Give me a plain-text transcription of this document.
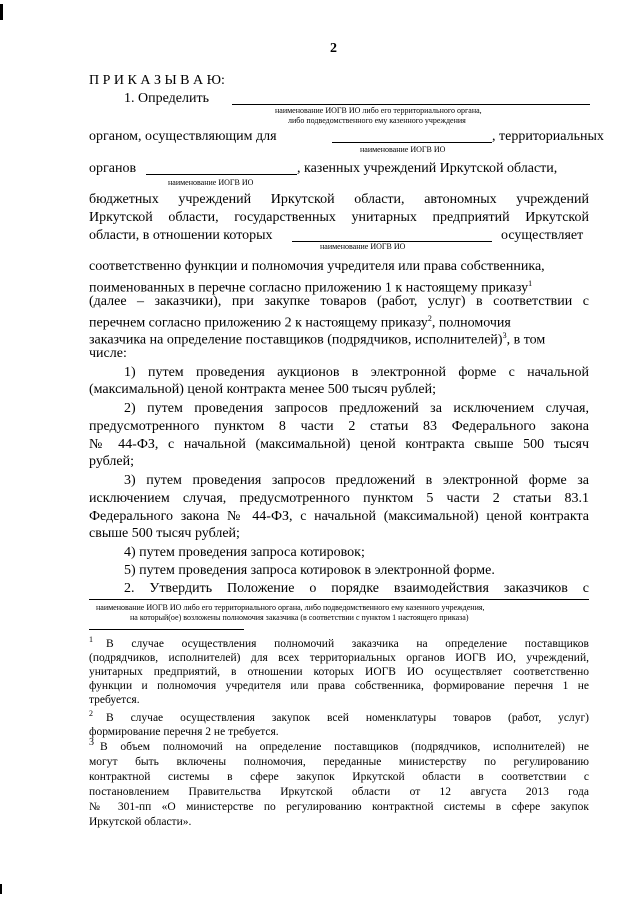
2
П Р И К А З Ы В А Ю:
1. Определить
наименование ИОГВ ИО либо его территориального органа,
либо подведомственного ему казенного учреждения
органом, осуществляющим для	, территориальных
наименование ИОГВ ИО
органов	, казенных учреждений Иркутской области,
наименование ИОГВ ИО
бюджетных учреждений Иркутской области, автономных учреждений
Иркутской области, государственных унитарных предприятий Иркутской
области, в отношении которых	осуществляет
наименование ИОГВ ИО
соответственно функции и полномочия учредителя или права собственника,
поименованных в перечне согласно приложению 1 к настоящему приказу$^1$
(далее – заказчики), при закупке товаров (работ, услуг) в соответствии с
перечнем согласно приложению 2 к настоящему приказу$^2$, полномочия
заказчика на определение поставщиков (подрядчиков, исполнителей)$^3$, в том
числе:
1) путем проведения аукционов в электронной форме с начальной
(максимальной) ценой контракта менее 500 тысяч рублей;
2) путем проведения запросов предложений за исключением случая,
предусмотренного пунктом 8 части 2 статьи 83 Федерального закона
№ 44-ФЗ, с начальной (максимальной) ценой контракта свыше 500 тысяч
рублей;
3) путем проведения запросов предложений в электронной форме за
исключением случая, предусмотренного пунктом 5 части 2 статьи 83.1
Федерального закона № 44-ФЗ, с начальной (максимальной) ценой контракта
свыше 500 тысяч рублей;
4) путем проведения запроса котировок;
5) путем проведения запроса котировок в электронной форме.
2. Утвердить Положение о порядке взаимодействия заказчиков с
наименование ИОГВ ИО либо его территориального органа, либо подведомственного ему казенного учреждения,
на который(ое) возложены полномочия заказчика (в соответствии с пунктом 1 настоящего приказа)
1 В случае осуществления полномочий заказчика на определение поставщиков
(подрядчиков, исполнителей) для всех территориальных органов ИОГВ ИО, учреждений,
унитарных предприятий, в отношении которых ИОГВ ИО осуществляет соответственно
функции и полномочия учредителя или права собственника, формирование перечня 1 не
требуется.
2 В случае осуществления закупок всей номенклатуры товаров (работ, услуг)
формирование перечня 2 не требуется.
3 В объем полномочий на определение поставщиков (подрядчиков, исполнителей) не
могут быть включены полномочия, переданные министерству по регулированию
контрактной системы в сфере закупок Иркутской области в соответствии с
постановлением Правительства Иркутской области от 12 августа 2013 года
№ 301-пп «О министерстве по регулированию контрактной системы в сфере закупок
Иркутской области».
